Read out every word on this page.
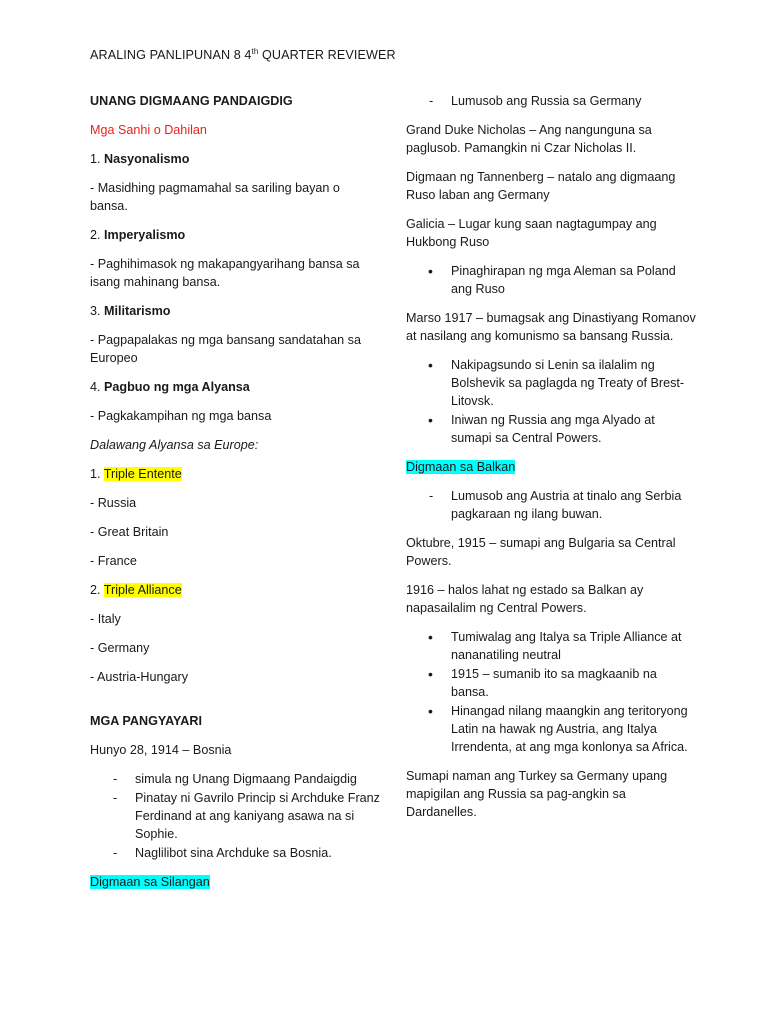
ARALING PANLIPUNAN 8 4th QUARTER REVIEWER

UNANG DIGMAANG PANDAIGDIG

Mga Sanhi o Dahilan

1. Nasyonalismo

- Masidhing pagmamahal sa sariling bayan o bansa.

2. Imperyalismo

- Paghihimasok ng makapangyarihang bansa sa isang mahinang bansa.

3. Militarismo

- Pagpapalakas ng mga bansang sandatahan sa Europeo

4. Pagbuo ng mga Alyansa

- Pagkakampihan ng mga bansa

Dalawang Alyansa sa Europe:

1. Triple Entente

- Russia

- Great Britain

- France

2. Triple Alliance

- Italy

- Germany

- Austria-Hungary

MGA PANGYAYARI

Hunyo 28, 1914 – Bosnia

- simula ng Unang Digmaang Pandaigdig
- Pinatay ni Gavrilo Princip si Archduke Franz Ferdinand at ang kaniyang asawa na si Sophie.
- Naglilibot sina Archduke sa Bosnia.

Digmaan sa Silangan

- Lumusob ang Russia sa Germany

Grand Duke Nicholas – Ang nangunguna sa paglusob. Pamangkin ni Czar Nicholas II.

Digmaan ng Tannenberg – natalo ang digmaang Ruso laban ang Germany

Galicia – Lugar kung saan nagtagumpay ang Hukbong Ruso

• Pinaghirapan ng mga Aleman sa Poland ang Ruso

Marso 1917 – bumagsak ang Dinastiyang Romanov at nasilang ang komunismo sa bansang Russia.

• Nakipagsundo si Lenin sa ilalalim ng Bolshevik sa paglagda ng Treaty of Brest-Litovsk.
• Iniwan ng Russia ang mga Alyado at sumapi sa Central Powers.

Digmaan sa Balkan

- Lumusob ang Austria at tinalo ang Serbia pagkaraan ng ilang buwan.

Oktubre, 1915 – sumapi ang Bulgaria sa Central Powers.

1916 – halos lahat ng estado sa Balkan ay napasailalim ng Central Powers.

• Tumiwalag ang Italya sa Triple Alliance at nananatiling neutral
• 1915 – sumanib ito sa magkaanib na bansa.
• Hinangad nilang maangkin ang teritoryong Latin na hawak ng Austria, ang Italya Irrendenta, at ang mga konlonya sa Africa.

Sumapi naman ang Turkey sa Germany upang mapigilan ang Russia sa pag-angkin sa Dardanelles.
